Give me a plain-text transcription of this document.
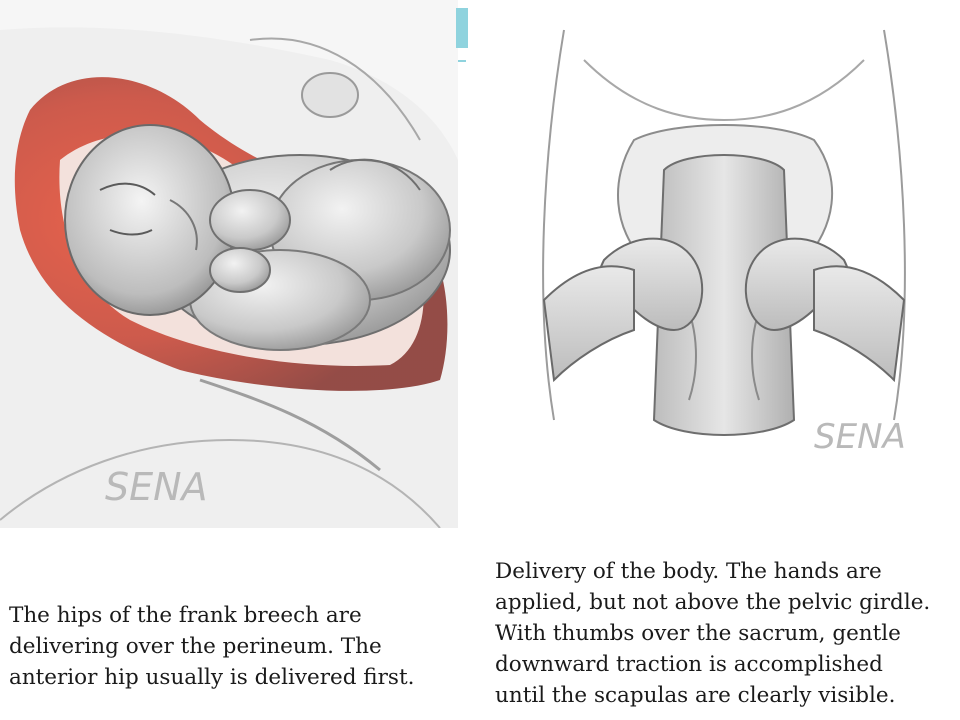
SENA
SENA

The hips of the frank breech are
delivering over the perineum. The
anterior hip usually is delivered first.

Delivery of the body. The hands are
applied, but not above the pelvic girdle.
With thumbs over the sacrum, gentle
downward traction is accomplished
until the scapulas are clearly visible.
